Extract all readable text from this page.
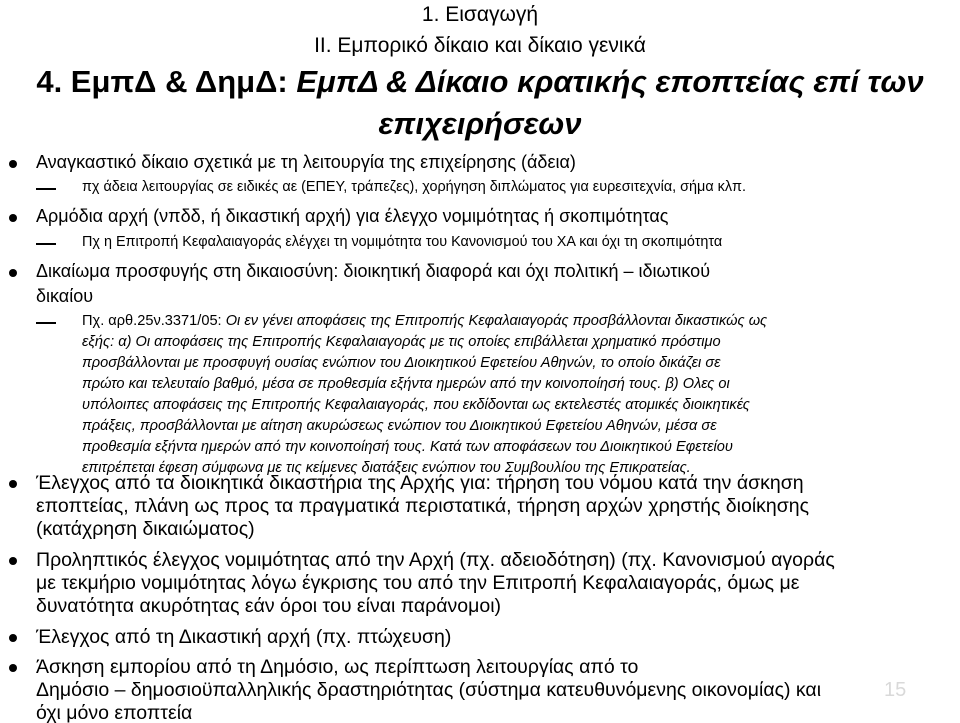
1. Εισαγωγή
ΙΙ. Εμπορικό δίκαιο και δίκαιο γενικά
4. ΕμπΔ & ΔημΔ: ΕμπΔ & Δίκαιο κρατικής εποπτείας επί των
επιχειρήσεων
Αναγκαστικό δίκαιο σχετικά με τη λειτουργία της επιχείρησης (άδεια)
πχ άδεια λειτουργίας σε ειδικές αε (ΕΠΕΥ, τράπεζες), χορήγηση διπλώματος για ευρεσιτεχνία, σήμα κλπ.
Αρμόδια αρχή (νπδδ, ή δικαστική αρχή) για έλεγχο νομιμότητας ή σκοπιμότητας
Πχ η Επιτροπή Κεφαλαιαγοράς ελέγχει τη νομιμότητα του Κανονισμού του ΧΑ και όχι τη σκοπιμότητα
Δικαίωμα προσφυγής στη δικαιοσύνη: διοικητική διαφορά και όχι πολιτική – ιδιωτικού
δικαίου
Πχ. αρθ.25ν.3371/05: Οι εν γένει αποφάσεις της Επιτροπής Κεφαλαιαγοράς προσβάλλονται δικαστικώς ως
εξής: α) Οι αποφάσεις της Επιτροπής Κεφαλαιαγοράς με τις οποίες επιβάλλεται χρηματικό πρόστιμο
προσβάλλονται με προσφυγή ουσίας ενώπιον του Διοικητικού Εφετείου Αθηνών, το οποίο δικάζει σε
πρώτο και τελευταίο βαθμό, μέσα σε προθεσμία εξήντα ημερών από την κοινοποίησή τους. β) Ολες οι
υπόλοιπες αποφάσεις της Επιτροπής Κεφαλαιαγοράς, που εκδίδονται ως εκτελεστές ατομικές διοικητικές
πράξεις, προσβάλλονται με αίτηση ακυρώσεως ενώπιον του Διοικητικού Εφετείου Αθηνών, μέσα σε
προθεσμία εξήντα ημερών από την κοινοποίησή τους. Κατά των αποφάσεων του Διοικητικού Εφετείου
επιτρέπεται έφεση σύμφωνα με τις κείμενες διατάξεις ενώπιον του Συμβουλίου της Επικρατείας.
Έλεγχος από τα διοικητικά δικαστήρια της Αρχής για: τήρηση του νόμου κατά την άσκηση
εποπτείας, πλάνη ως προς τα πραγματικά περιστατικά, τήρηση αρχών χρηστής διοίκησης
(κατάχρηση δικαιώματος)
Προληπτικός έλεγχος νομιμότητας από την Αρχή (πχ. αδειοδότηση) (πχ. Κανονισμού αγοράς
με τεκμήριο νομιμότητας λόγω έγκρισης του από την Επιτροπή Κεφαλαιαγοράς, όμως με
δυνατότητα ακυρότητας εάν όροι του είναι παράνομοι)
Έλεγχος από τη Δικαστική αρχή (πχ. πτώχευση)
Άσκηση εμπορίου από τη Δημόσιο, ως περίπτωση λειτουργίας από το
Δημόσιο – δημοσιοϋπαλληλικής δραστηριότητας (σύστημα κατευθυνόμενης οικονομίας) και
όχι μόνο εποπτεία
15
